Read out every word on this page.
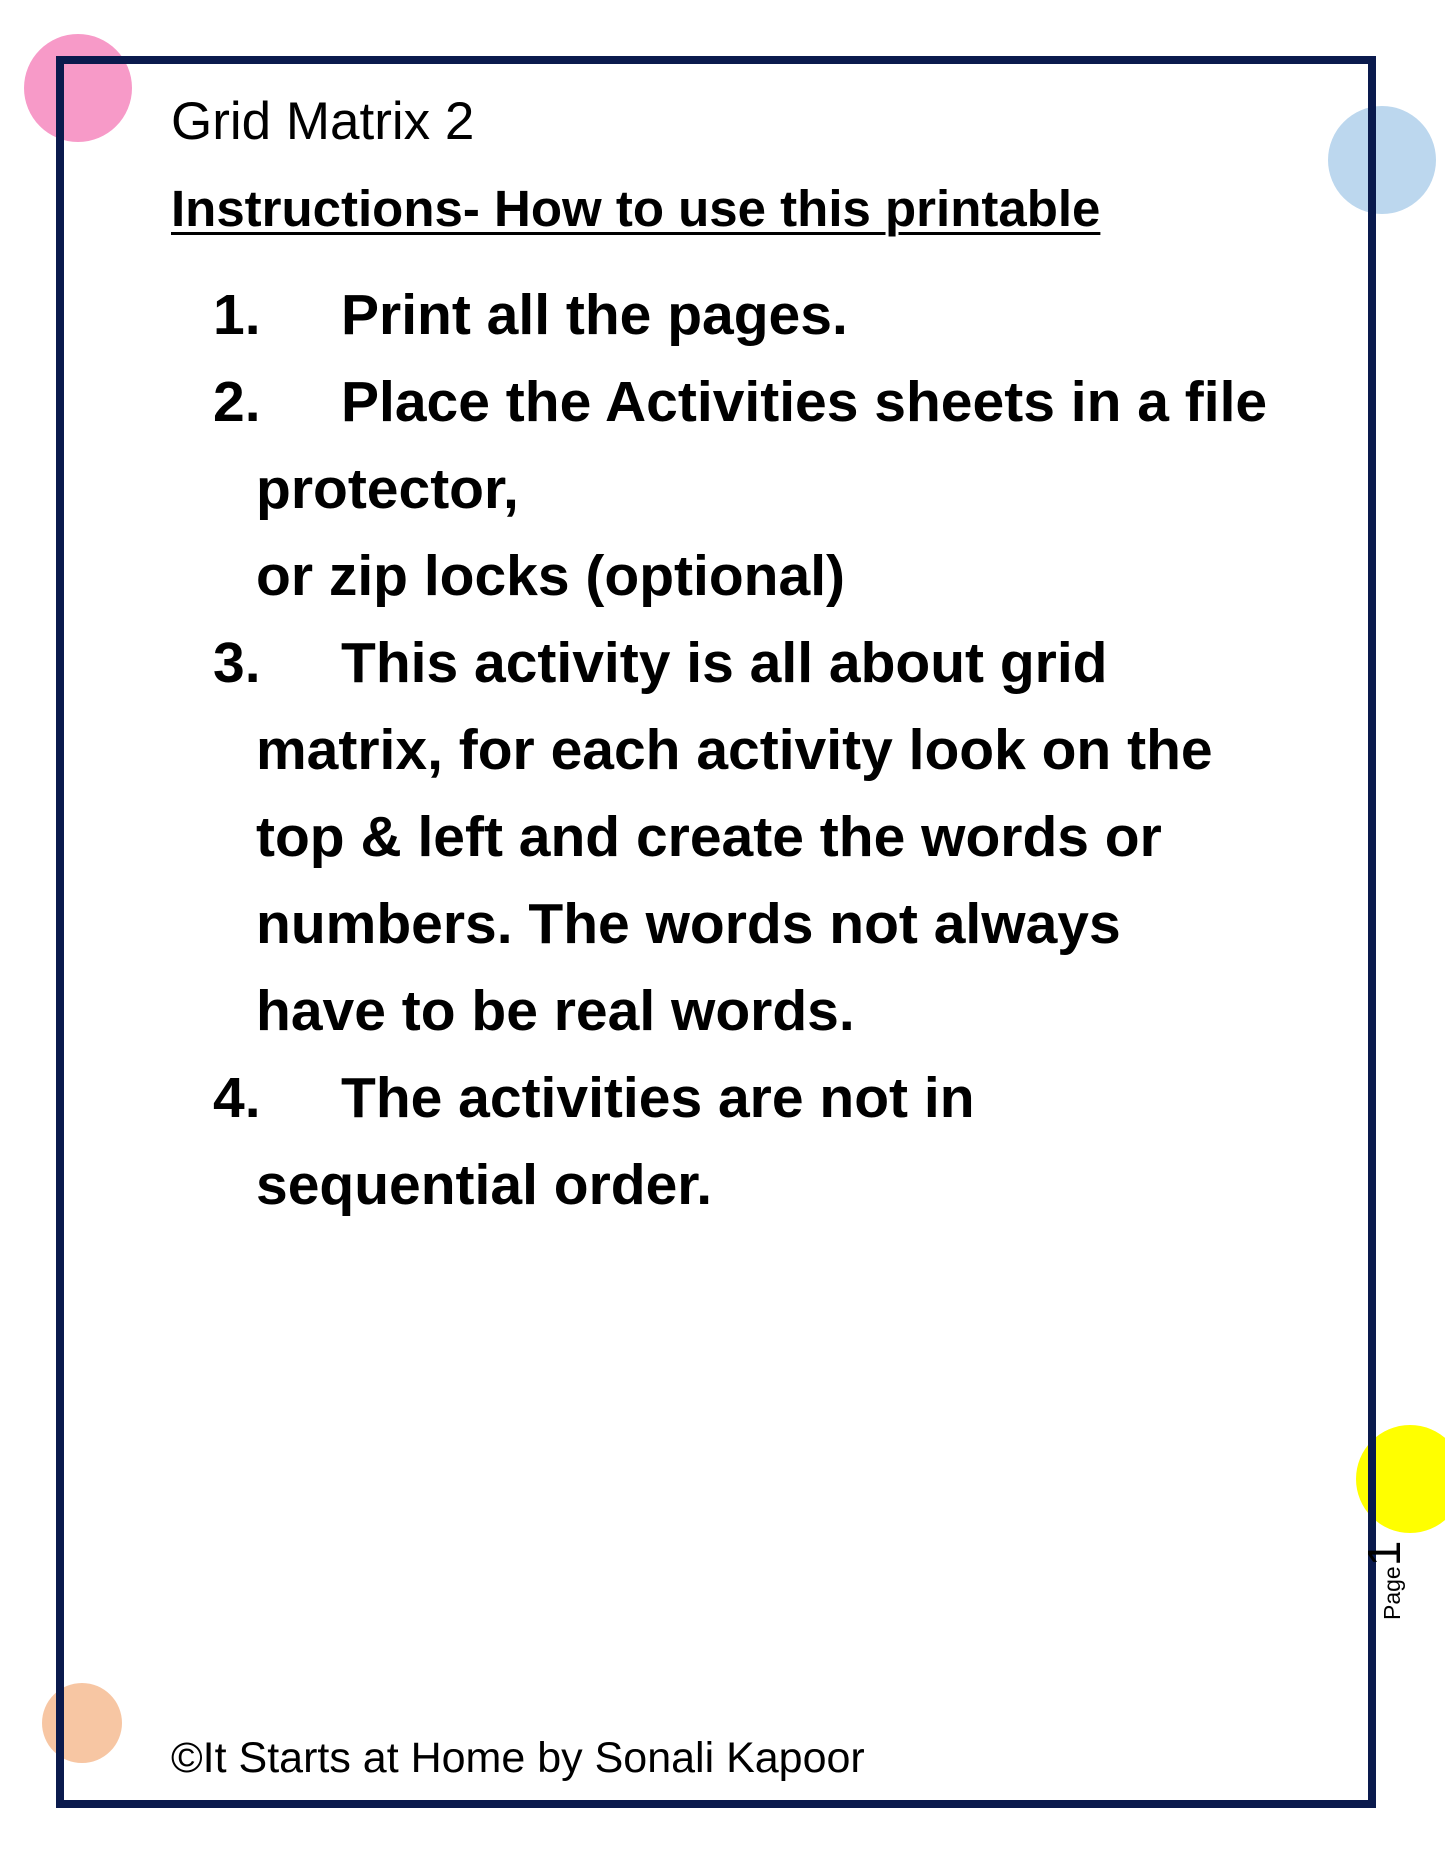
Grid Matrix 2
Instructions- How to use this printable
1. Print all the pages.
2. Place the Activities sheets in a file
protector,
or zip locks (optional)
3. This activity is all about grid
matrix, for each activity look on the
top & left and create the words or
numbers. The words not always
have to be real words.
4. The activities are not in
sequential order.
Page1
©It Starts at Home by Sonali Kapoor
